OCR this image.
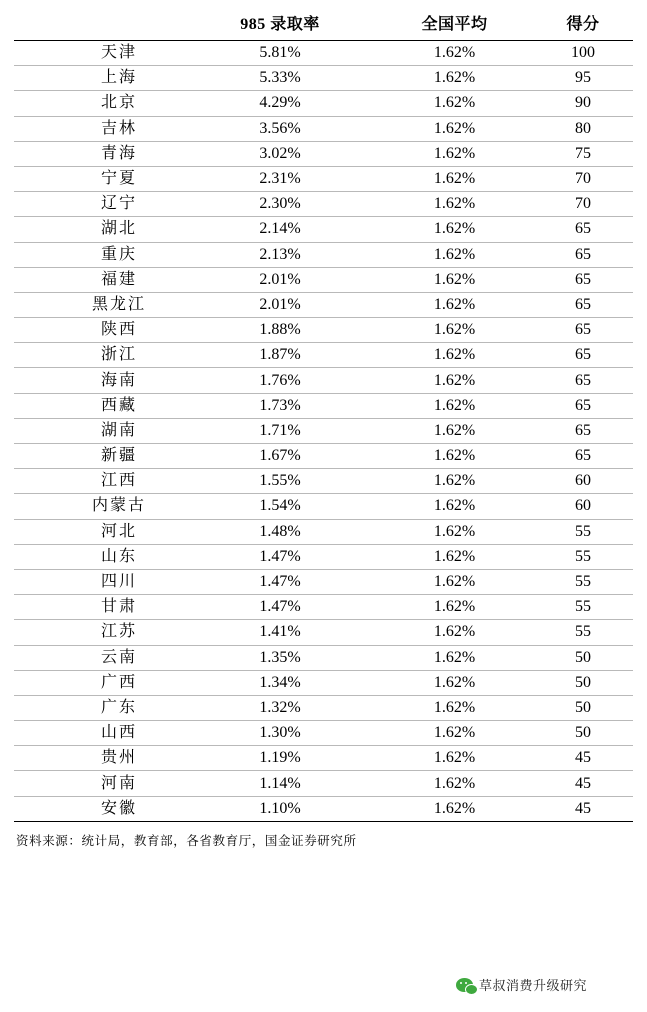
	985 录取率	全国平均	得分
天津	5.81%	1.62%	100
上海	5.33%	1.62%	95
北京	4.29%	1.62%	90
吉林	3.56%	1.62%	80
青海	3.02%	1.62%	75
宁夏	2.31%	1.62%	70
辽宁	2.30%	1.62%	70
湖北	2.14%	1.62%	65
重庆	2.13%	1.62%	65
福建	2.01%	1.62%	65
黑龙江	2.01%	1.62%	65
陕西	1.88%	1.62%	65
浙江	1.87%	1.62%	65
海南	1.76%	1.62%	65
西藏	1.73%	1.62%	65
湖南	1.71%	1.62%	65
新疆	1.67%	1.62%	65
江西	1.55%	1.62%	60
内蒙古	1.54%	1.62%	60
河北	1.48%	1.62%	55
山东	1.47%	1.62%	55
四川	1.47%	1.62%	55
甘肃	1.47%	1.62%	55
江苏	1.41%	1.62%	55
云南	1.35%	1.62%	50
广西	1.34%	1.62%	50
广东	1.32%	1.62%	50
山西	1.30%	1.62%	50
贵州	1.19%	1.62%	45
河南	1.14%	1.62%	45
安徽	1.10%	1.62%	45
资料来源：统计局，教育部，各省教育厅，国金证券研究所
草叔消费升级研究
